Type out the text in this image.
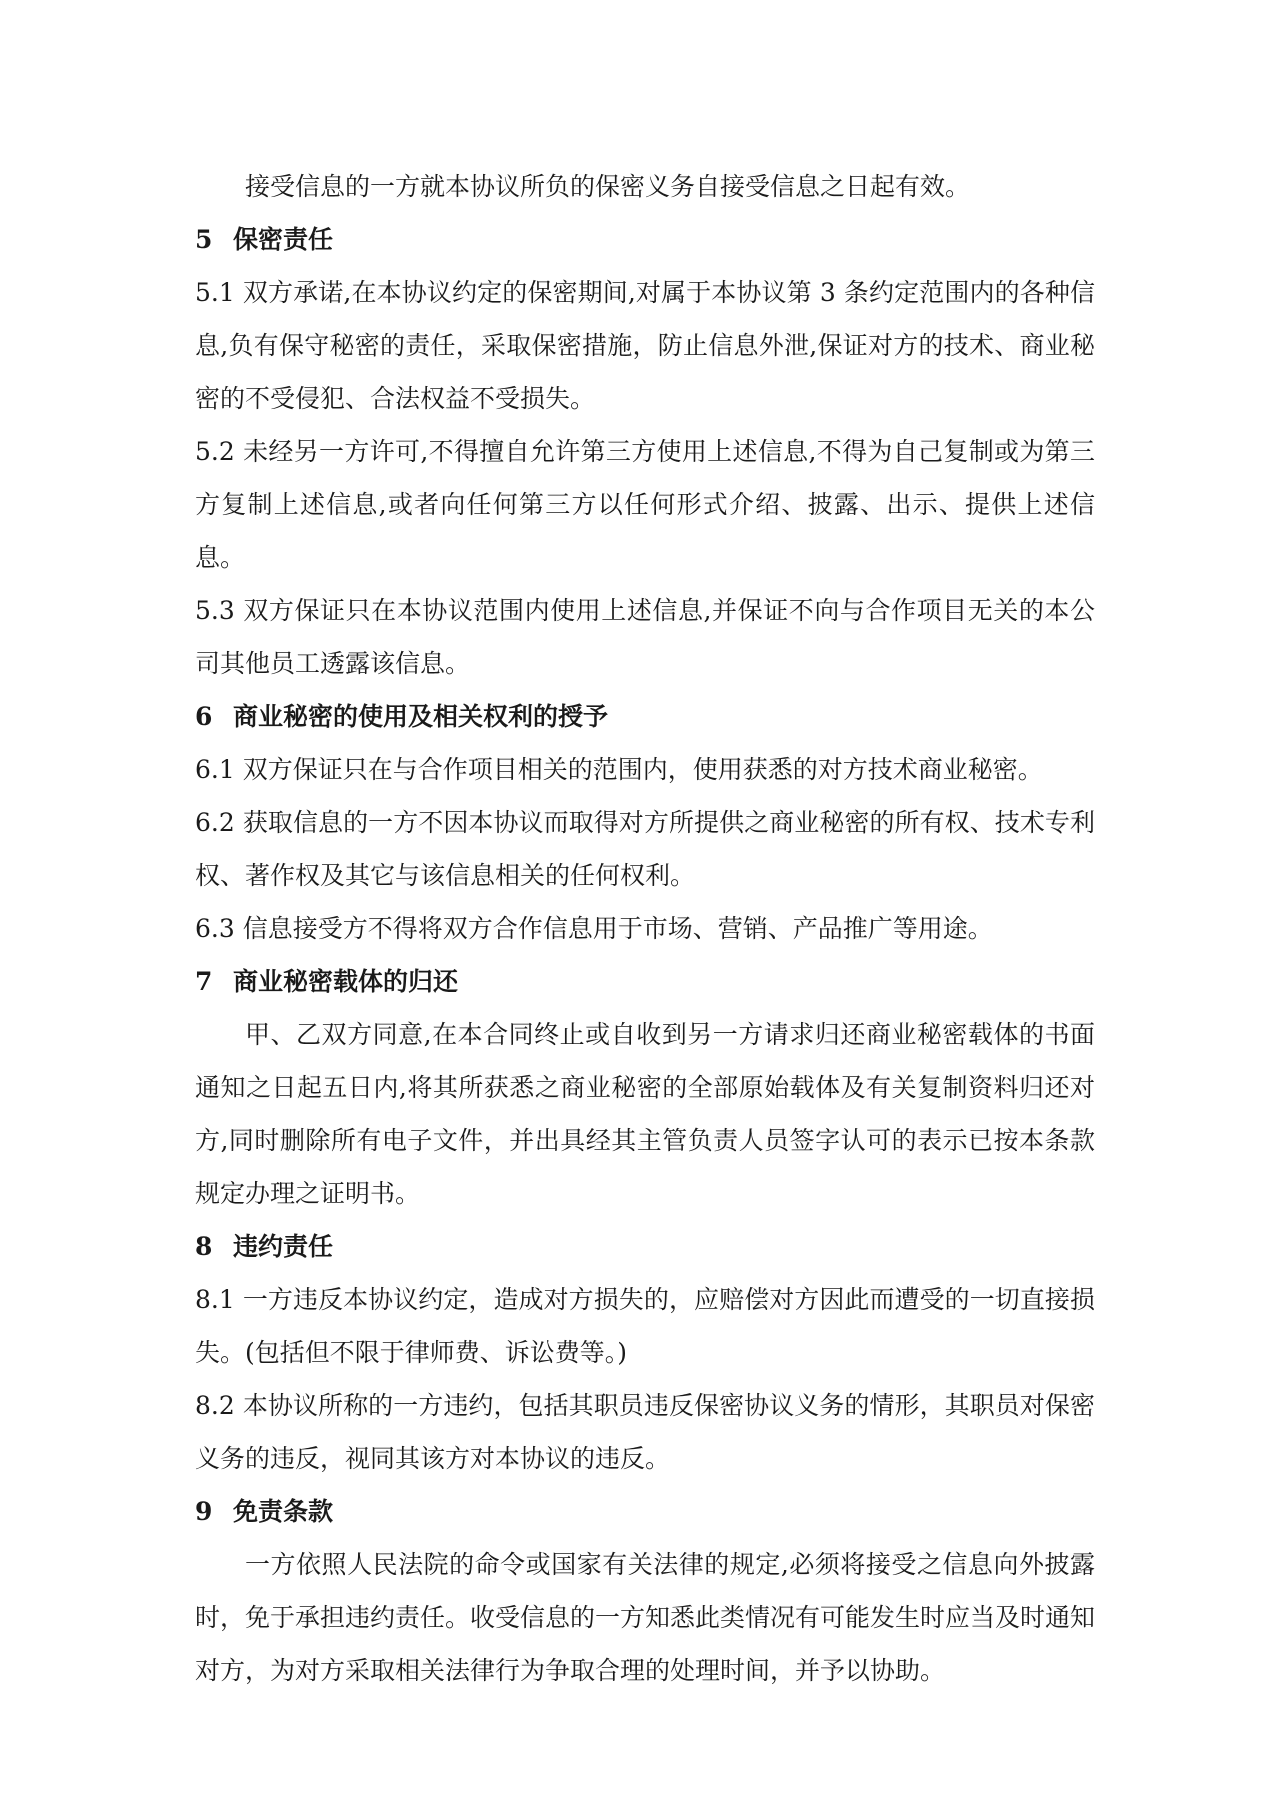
接受信息的一方就本协议所负的保密义务自接受信息之日起有效。

5 保密责任

5.1 双方承诺,在本协议约定的保密期间,对属于本协议第 3 条约定范围内的各种信息,负有保守秘密的责任，采取保密措施，防止信息外泄,保证对方的技术、商业秘密的不受侵犯、合法权益不受损失。

5.2 未经另一方许可,不得擅自允许第三方使用上述信息,不得为自己复制或为第三方复制上述信息,或者向任何第三方以任何形式介绍、披露、出示、提供上述信息。

5.3 双方保证只在本协议范围内使用上述信息,并保证不向与合作项目无关的本公司其他员工透露该信息。

6 商业秘密的使用及相关权利的授予

6.1 双方保证只在与合作项目相关的范围内，使用获悉的对方技术商业秘密。

6.2 获取信息的一方不因本协议而取得对方所提供之商业秘密的所有权、技术专利权、著作权及其它与该信息相关的任何权利。

6.3 信息接受方不得将双方合作信息用于市场、营销、产品推广等用途。

7 商业秘密载体的归还

甲、乙双方同意,在本合同终止或自收到另一方请求归还商业秘密载体的书面通知之日起五日内,将其所获悉之商业秘密的全部原始载体及有关复制资料归还对方,同时删除所有电子文件，并出具经其主管负责人员签字认可的表示已按本条款规定办理之证明书。

8 违约责任

8.1 一方违反本协议约定，造成对方损失的，应赔偿对方因此而遭受的一切直接损失。(包括但不限于律师费、诉讼费等。)

8.2 本协议所称的一方违约，包括其职员违反保密协议义务的情形，其职员对保密义务的违反，视同其该方对本协议的违反。

9 免责条款

一方依照人民法院的命令或国家有关法律的规定,必须将接受之信息向外披露时，免于承担违约责任。收受信息的一方知悉此类情况有可能发生时应当及时通知对方，为对方采取相关法律行为争取合理的处理时间，并予以协助。
